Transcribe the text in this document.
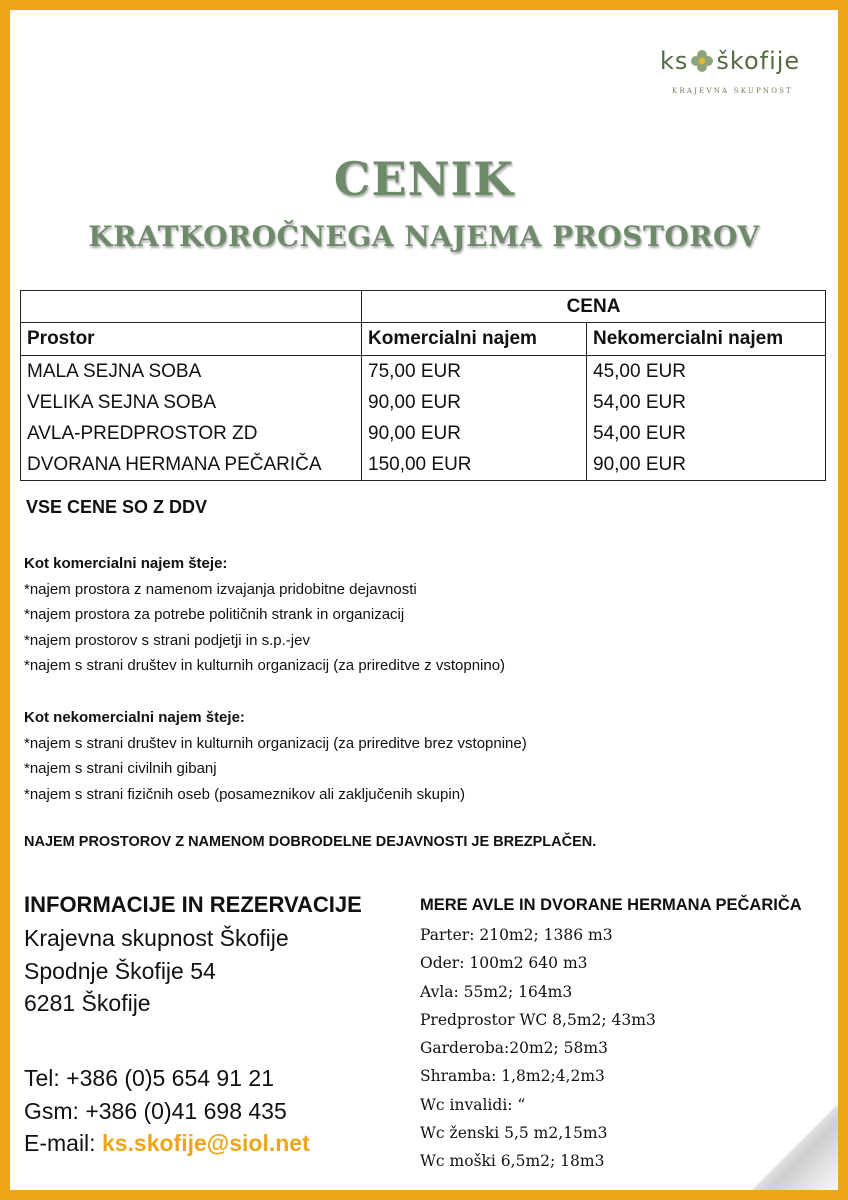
ks škofije
KRAJEVNA SKUPNOST
CENIK
KRATKOROČNEGA NAJEMA PROSTOROV
	CENA	
Prostor	Komercialni najem	Nekomercialni najem
MALA SEJNA SOBA	75,00 EUR	45,00 EUR
VELIKA SEJNA SOBA	90,00 EUR	54,00 EUR
AVLA-PREDPROSTOR ZD	90,00 EUR	54,00 EUR
DVORANA HERMANA PEČARIČA	150,00 EUR	90,00 EUR
VSE CENE SO Z DDV
Kot komercialni najem šteje:
*najem prostora z namenom izvajanja pridobitne dejavnosti
*najem prostora za potrebe političnih strank in organizacij
*najem prostorov s strani podjetji in s.p.-jev
*najem s strani društev in kulturnih organizacij (za prireditve z vstopnino)
Kot nekomercialni najem šteje:
*najem s strani društev in kulturnih organizacij (za prireditve brez vstopnine)
*najem s strani civilnih gibanj
*najem s strani fizičnih oseb (posameznikov ali zaključenih skupin)
NAJEM PROSTOROV Z NAMENOM DOBRODELNE DEJAVNOSTI JE BREZPLAČEN.
INFORMACIJE IN REZERVACIJE
Krajevna skupnost Škofije
Spodnje Škofije 54
6281 Škofije
Tel: +386 (0)5 654 91 21
Gsm: +386 (0)41 698 435
E-mail: ks.skofije@siol.net
MERE AVLE IN DVORANE HERMANA PEČARIČA
Parter: 210m2; 1386 m3
Oder: 100m2 640 m3
Avla: 55m2; 164m3
Predprostor WC 8,5m2; 43m3
Garderoba:20m2; 58m3
Shramba: 1,8m2;4,2m3
Wc invalidi: “
Wc ženski 5,5 m2,15m3
Wc moški 6,5m2; 18m3
